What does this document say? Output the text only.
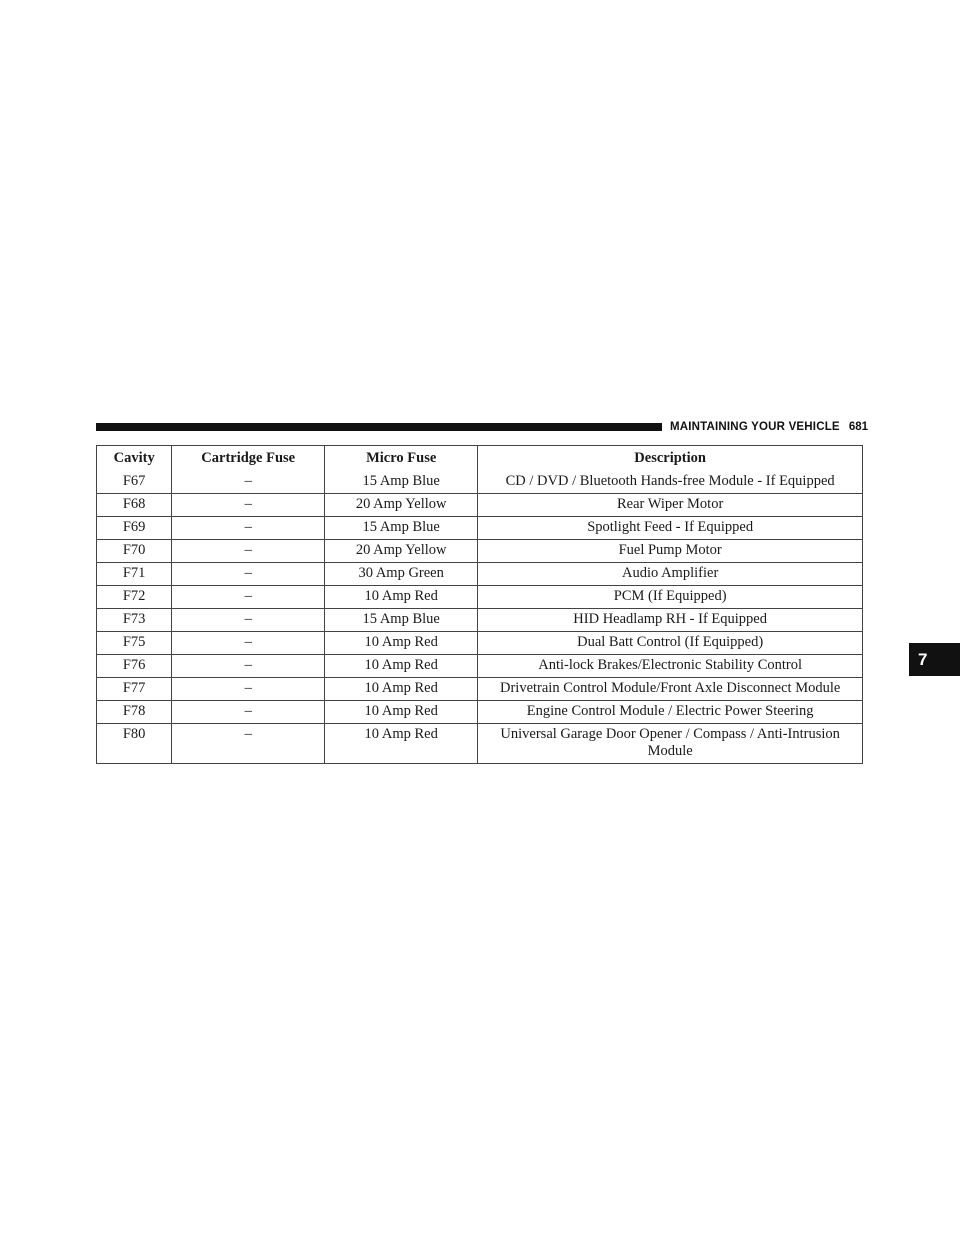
MAINTAINING YOUR VEHICLE 681
7
Cavity	Cartridge Fuse	Micro Fuse	Description
F67	–	15 Amp Blue	CD / DVD / Bluetooth Hands-free Module - If Equipped
F68	–	20 Amp Yellow	Rear Wiper Motor
F69	–	15 Amp Blue	Spotlight Feed - If Equipped
F70	–	20 Amp Yellow	Fuel Pump Motor
F71	–	30 Amp Green	Audio Amplifier
F72	–	10 Amp Red	PCM (If Equipped)
F73	–	15 Amp Blue	HID Headlamp RH - If Equipped
F75	–	10 Amp Red	Dual Batt Control (If Equipped)
F76	–	10 Amp Red	Anti-lock Brakes/Electronic Stability Control
F77	–	10 Amp Red	Drivetrain Control Module/Front Axle Disconnect Module
F78	–	10 Amp Red	Engine Control Module / Electric Power Steering
F80	–	10 Amp Red	Universal Garage Door Opener / Compass / Anti-Intrusion Module
